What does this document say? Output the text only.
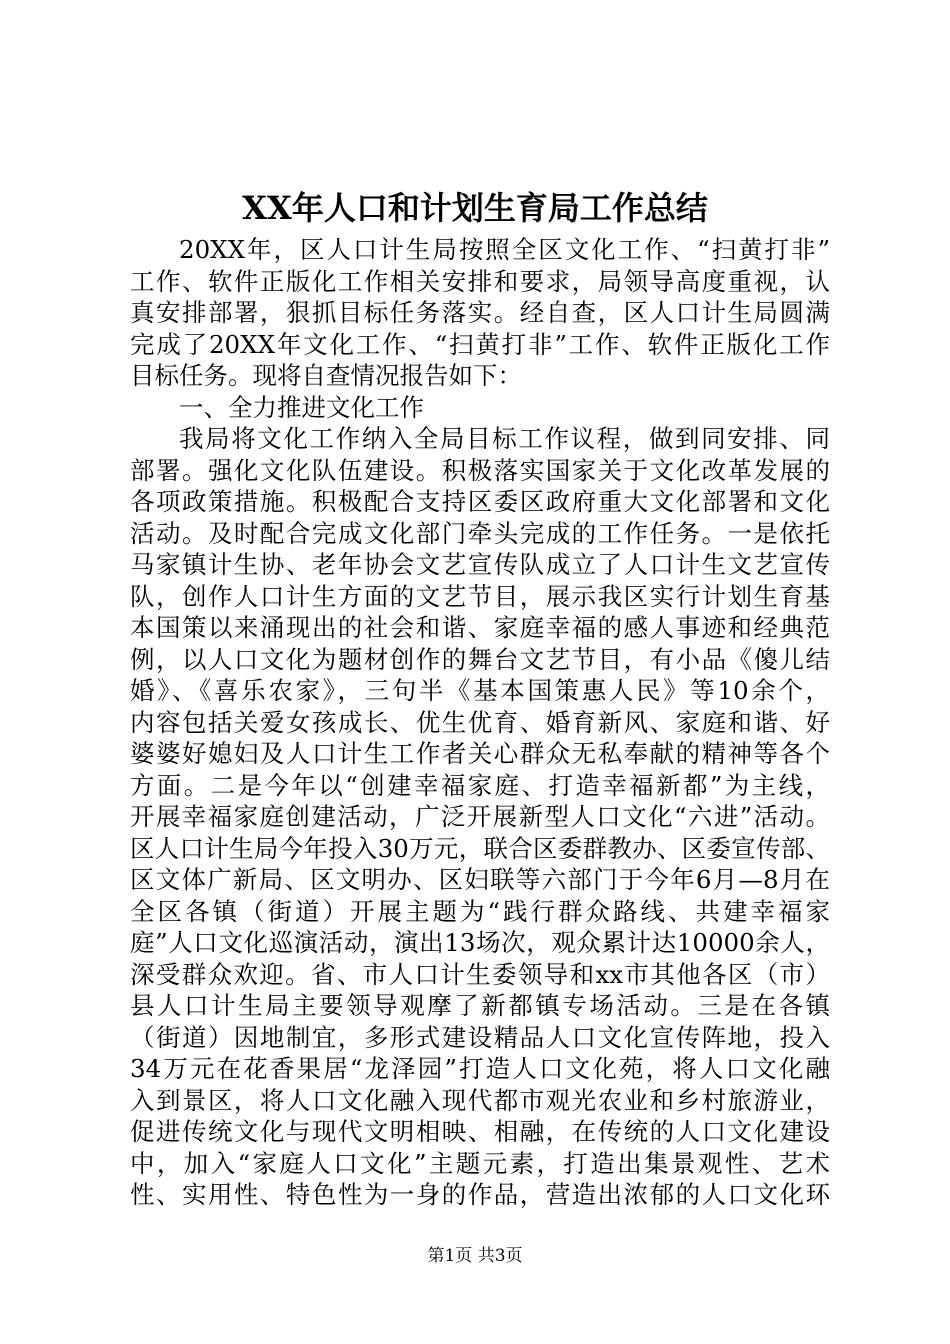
XX年人口和计划生育局工作总结
20XX年，区人口计生局按照全区文化工作、“扫黄打非”
工作、软件正版化工作相关安排和要求，局领导高度重视，认
真安排部署，狠抓目标任务落实。经自查，区人口计生局圆满
完成了20XX年文化工作、“扫黄打非”工作、软件正版化工作
目标任务。现将自查情况报告如下：
一、全力推进文化工作
我局将文化工作纳入全局目标工作议程，做到同安排、同
部署。强化文化队伍建设。积极落实国家关于文化改革发展的
各项政策措施。积极配合支持区委区政府重大文化部署和文化
活动。及时配合完成文化部门牵头完成的工作任务。一是依托
马家镇计生协、老年协会文艺宣传队成立了人口计生文艺宣传
队，创作人口计生方面的文艺节目，展示我区实行计划生育基
本国策以来涌现出的社会和谐、家庭幸福的感人事迹和经典范
例，以人口文化为题材创作的舞台文艺节目，有小品《傻儿结
婚》、《喜乐农家》，三句半《基本国策惠人民》等10余个，
内容包括关爱女孩成长、优生优育、婚育新风、家庭和谐、好
婆婆好媳妇及人口计生工作者关心群众无私奉献的精神等各个
方面。二是今年以“创建幸福家庭、打造幸福新都”为主线，
开展幸福家庭创建活动，广泛开展新型人口文化“六进”活动。
区人口计生局今年投入30万元，联合区委群教办、区委宣传部、
区文体广新局、区文明办、区妇联等六部门于今年6月—8月在
全区各镇（街道）开展主题为“践行群众路线、共建幸福家
庭”人口文化巡演活动，演出13场次，观众累计达10000余人，
深受群众欢迎。省、市人口计生委领导和xx市其他各区（市）
县人口计生局主要领导观摩了新都镇专场活动。三是在各镇
（街道）因地制宜，多形式建设精品人口文化宣传阵地，投入
34万元在花香果居“龙泽园”打造人口文化苑，将人口文化融
入到景区，将人口文化融入现代都市观光农业和乡村旅游业，
促进传统文化与现代文明相映、相融，在传统的人口文化建设
中，加入“家庭人口文化”主题元素，打造出集景观性、艺术
性、实用性、特色性为一身的作品，营造出浓郁的人口文化环
第1页 共3页
